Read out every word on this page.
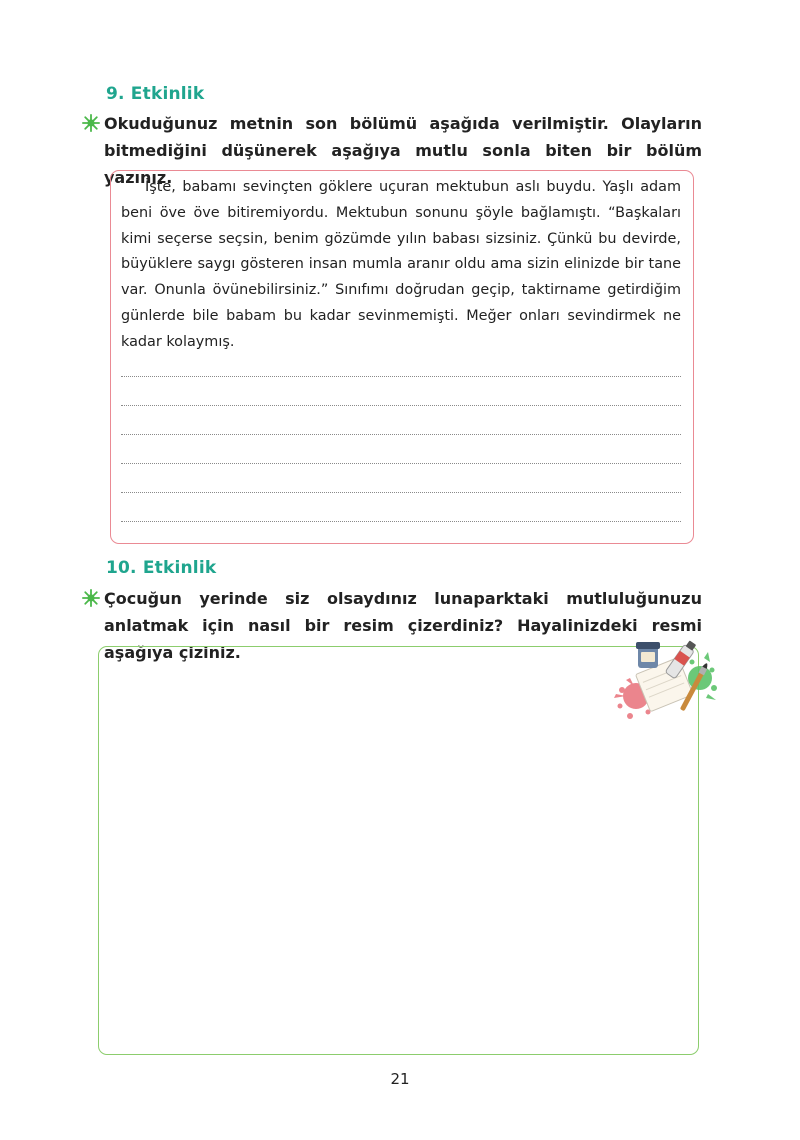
9. Etkinlik
Okuduğunuz metnin son bölümü aşağıda verilmiştir. Olayların bitmediğini düşünerek aşağıya mutlu sonla biten bir bölüm yazınız.

İşte, babamı sevinçten göklere uçuran mektubun aslı buydu. Yaşlı adam beni öve öve bitiremiyordu. Mektubun sonunu şöyle bağlamıştı. “Başkaları kimi seçerse seçsin, benim gözümde yılın babası sizsiniz. Çünkü bu devirde, büyüklere saygı gösteren insan mumla aranır oldu ama sizin elinizde bir tane var. Onunla övünebilirsiniz.” Sınıfımı doğrudan geçip, taktirname getirdiğim günlerde bile babam bu kadar sevinmemişti. Meğer onları sevindirmek ne kadar kolaymış.

10. Etkinlik
Çocuğun yerinde siz olsaydınız lunaparktaki mutluluğunuzu anlatmak için nasıl bir resim çizerdiniz? Hayalinizdeki resmi aşağıya çiziniz.
21
